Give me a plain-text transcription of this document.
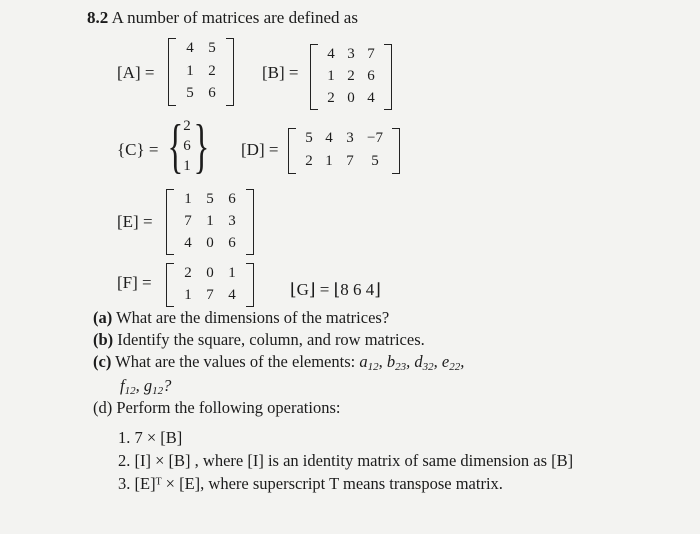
8.2 A number of matrices are defined as
[A] =
4 5
1 2
5 6
[B] =
4 3 7
1 2 6
2 0 4
{C} = { 2
6
1 } [D] =
5 4 3 −7
2 1 7	5
[E] =
1 5 6
7 1 3
4 0 6
[F] =	2 0 1
1 7 4	⌊G⌋ = ⌊8 6 4⌋
(a) What are the dimensions of the matrices?
(b) Identify the square, column, and row matrices.
(c) What are the values of the elements: $a_{12}$, $b_{23}$, $d_{32}$, $e_{22}$,
$f_{12}$, $g_{12}$?
(d) Perform the following operations:
1. 7 × [B]
2. [I] × [B] , where [I] is an identity matrix of same dimension as [B]
3. [E]ᵀ × [E], where superscript T means transpose matrix.
